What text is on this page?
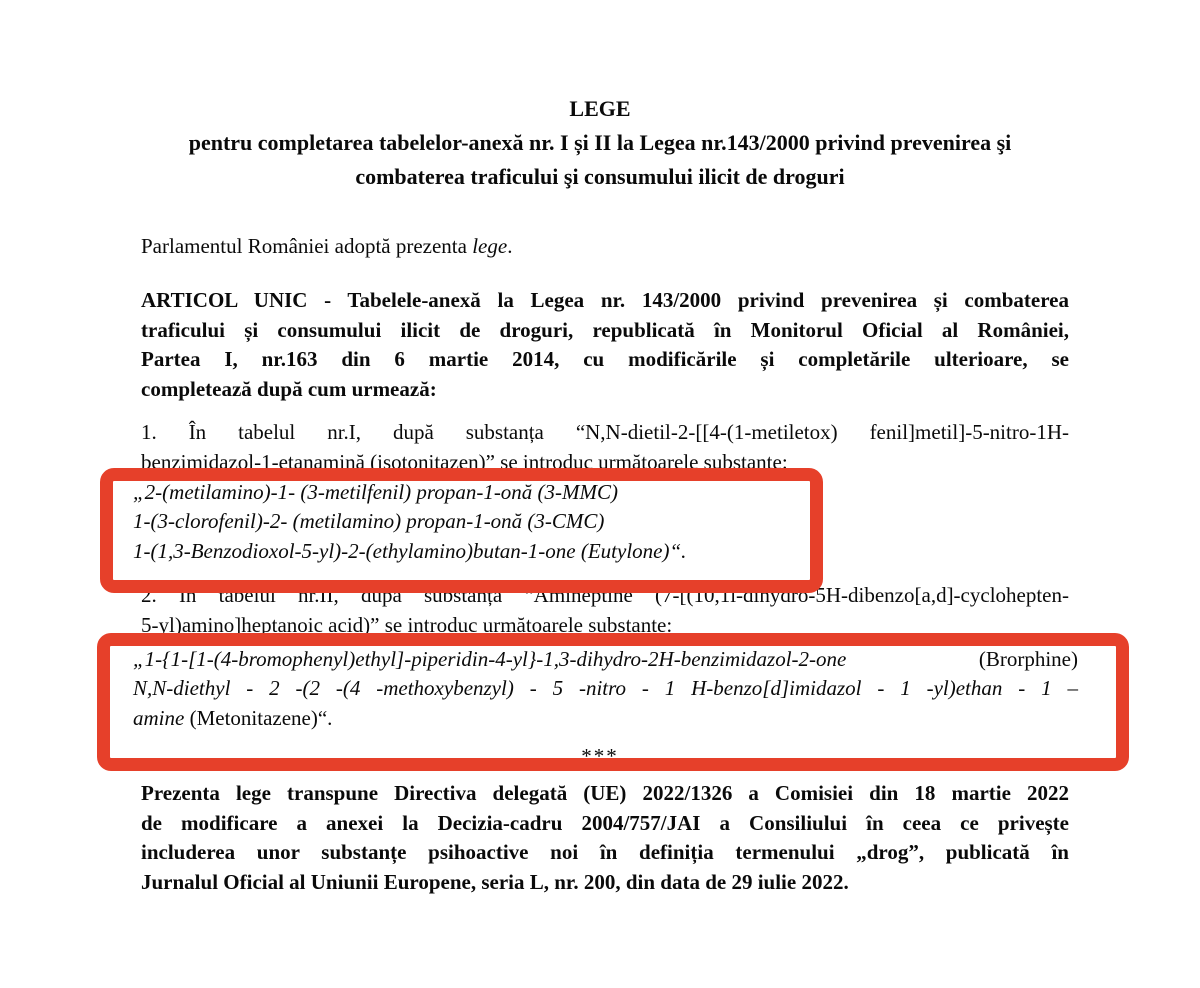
LEGE
pentru completarea tabelelor-anexă nr. I și II la Legea nr.143/2000 privind prevenirea şi
combaterea traficului şi consumului ilicit de droguri
Parlamentul României adoptă prezenta lege.
ARTICOL UNIC - Tabelele-anexă la Legea nr. 143/2000 privind prevenirea și combaterea
traficului și consumului ilicit de droguri, republicată în Monitorul Oficial al României,
Partea I, nr.163 din 6 martie 2014, cu modificările și completările ulterioare, se
completează după cum urmează:
1. În tabelul nr.I, după substanța “N,N-dietil-2-[[4-(1-metiletox) fenil]metil]-5-nitro-1H-
benzimidazol-1-etanamină (isotonitazen)” se introduc următoarele substanțe:
„2-(metilamino)-1- (3-metilfenil) propan-1-onă (3-MMC)
1-(3-clorofenil)-2- (metilamino) propan-1-onă (3-CMC)
1-(1,3-Benzodioxol-5-yl)-2-(ethylamino)butan-1-one (Eutylone)“.
2. În tabelul nr.II, după substanța “Amineptine (7-[(10,1l-dihydro-5H-dibenzo[a,d]-cyclohepten-
5-yl)amino]heptanoic acid)” se introduc următoarele substante:
„1-{1-[1-(4-bromophenyl)ethyl]-piperidin-4-yl}-1,3-dihydro-2H-benzimidazol-2-one (Brorphine)
N,N-diethyl - 2 -(2 -(4 -methoxybenzyl) - 5 -nitro - 1 H-benzo[d]imidazol - 1 -yl)ethan - 1 –
amine (Metonitazene)“.
***
Prezenta lege transpune Directiva delegată (UE) 2022/1326 a Comisiei din 18 martie 2022
de modificare a anexei la Decizia-cadru 2004/757/JAI a Consiliului în ceea ce privește
includerea unor substanțe psihoactive noi în definiția termenului „drog”, publicată în
Jurnalul Oficial al Uniunii Europene, seria L, nr. 200, din data de 29 iulie 2022.
